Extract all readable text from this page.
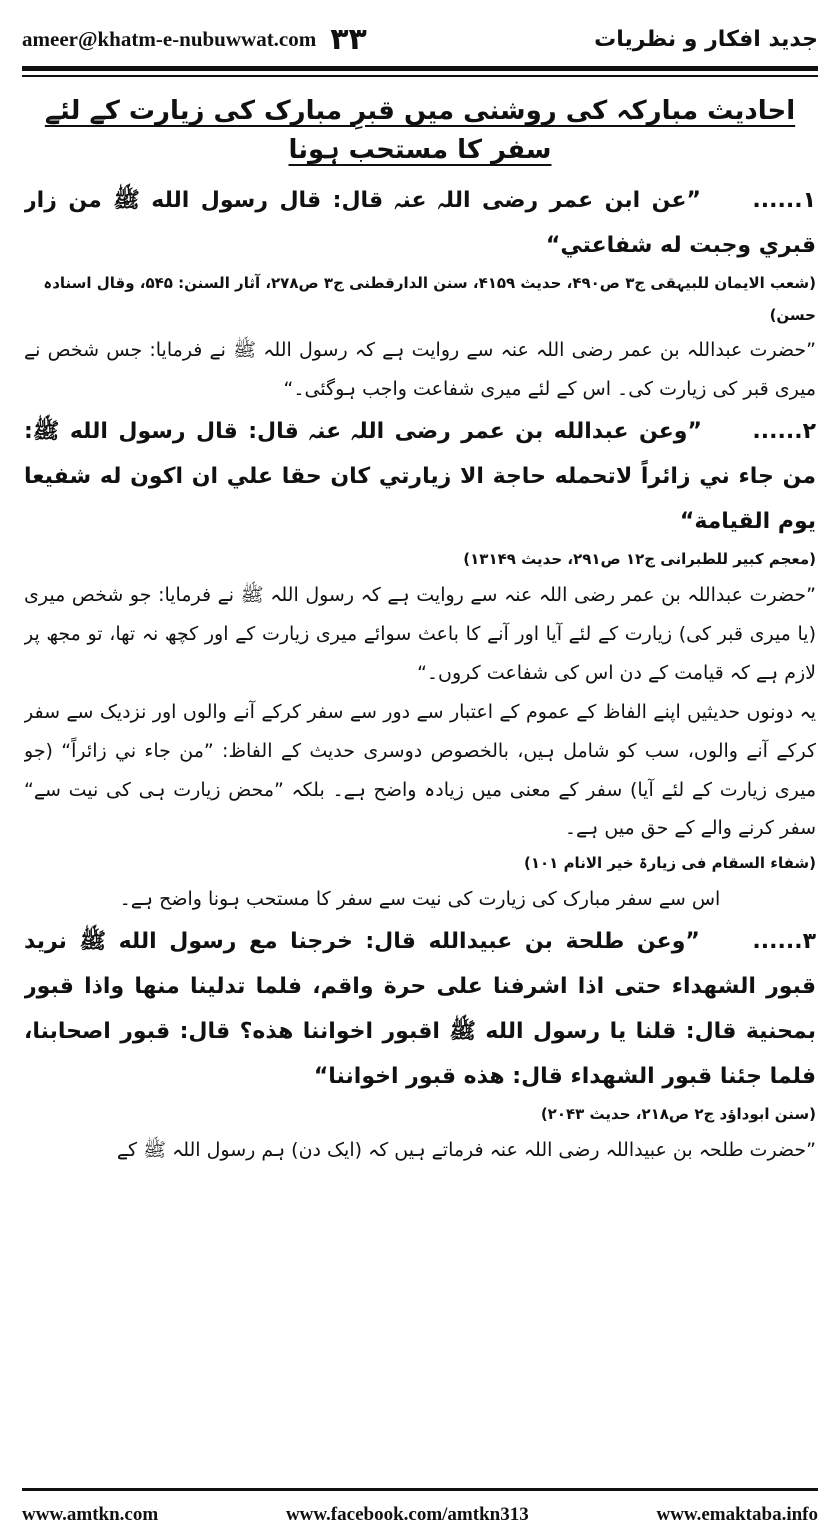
ameer@khatm-e-nubuwwat.com ٣٣	جدید افکار و نظریات
احادیث مبارکہ کی روشنی میں قبرِ مبارک کی زیارت کے لئے سفر کا مستحب ہونا

۱...... ”عن ابن عمر رضی اللہ عنہ قال: قال رسول الله ﷺ من زار قبري وجبت له شفاعتي“

(شعب الایمان للبیہقی ج۳ ص۴۹۰، حدیث ۴۱۵۹، سنن الدارقطنی ج۳ ص۲۷۸، آثار السنن: ۵۴۵، وقال اسنادہ حسن)

”حضرت عبداللہ بن عمر رضی اللہ عنہ سے روایت ہے کہ رسول اللہ ﷺ نے فرمایا: جس شخص نے میری قبر کی زیارت کی۔ اس کے لئے میری شفاعت واجب ہوگئی۔“

۲...... ”وعن عبدالله بن عمر رضی اللہ عنہ قال: قال رسول الله ﷺ: من جاء ني زائراً لاتحمله حاجة الا زيارتي كان حقا علي ان اكون له شفيعا يوم القيامة“

(معجم کبیر للطبرانی ج۱۲ ص۲۹۱، حدیث ۱۳۱۴۹)

”حضرت عبداللہ بن عمر رضی اللہ عنہ سے روایت ہے کہ رسول اللہ ﷺ نے فرمایا: جو شخص میری (یا میری قبر کی) زیارت کے لئے آیا اور آنے کا باعث سوائے میری زیارت کے اور کچھ نہ تھا، تو مجھ پر لازم ہے کہ قیامت کے دن اس کی شفاعت کروں۔“

یہ دونوں حدیثیں اپنے الفاظ کے عموم کے اعتبار سے دور سے سفر کرکے آنے والوں اور نزدیک سے سفر کرکے آنے والوں، سب کو شامل ہیں، بالخصوص دوسری حدیث کے الفاظ: ”من جاء ني زائراً“ (جو میری زیارت کے لئے آیا) سفر کے معنی میں زیادہ واضح ہے۔ بلکہ ”محض زیارت ہی کی نیت سے“ سفر کرنے والے کے حق میں ہے۔

(شفاء السقام فی زیارۃ خیر الانام ۱۰۱)

اس سے سفر مبارک کی زیارت کی نیت سے سفر کا مستحب ہونا واضح ہے۔

۳...... ”وعن طلحة بن عبيدالله قال: خرجنا مع رسول الله ﷺ نريد قبور الشهداء حتى اذا اشرفنا على حرة واقم، فلما تدلينا منها واذا قبور بمحنية قال: قلنا يا رسول الله ﷺ اقبور اخواننا هذه؟ قال: قبور اصحابنا، فلما جئنا قبور الشهداء قال: هذه قبور اخواننا“

(سنن ابوداؤد ج۲ ص۲۱۸، حدیث ۲۰۴۳)

”حضرت طلحہ بن عبیداللہ رضی اللہ عنہ فرماتے ہیں کہ (ایک دن) ہم رسول اللہ ﷺ کے

www.amtkn.com	www.facebook.com/amtkn313	www.emaktaba.info
